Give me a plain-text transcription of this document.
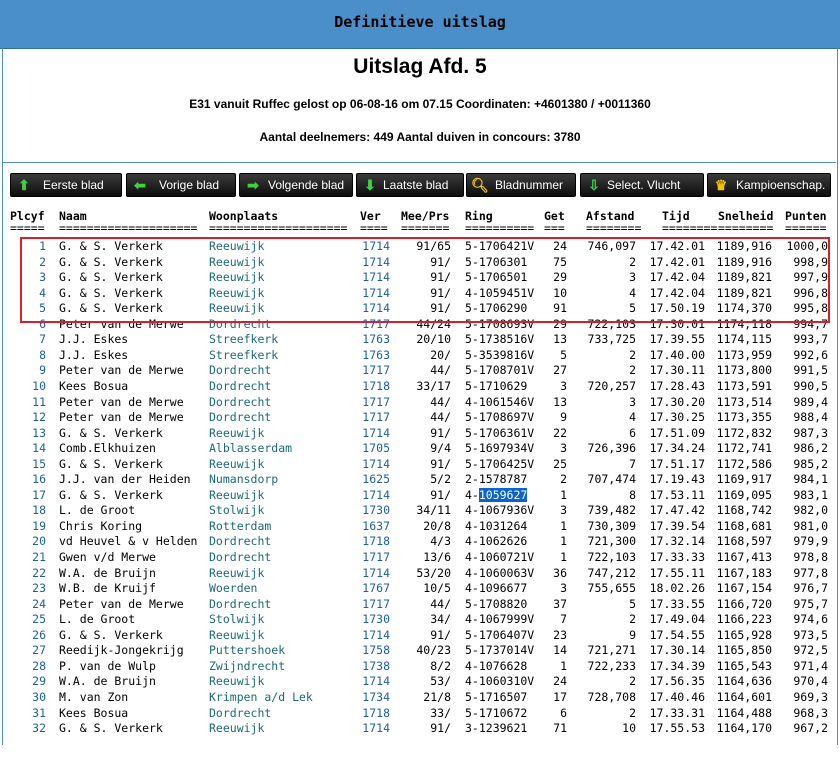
Definitieve uitslag
Uitslag Afd. 5
E31 vanuit Ruffec gelost op 06-08-16 om 07.15 Coordinaten: +4601380 / +0011360
Aantal deelnemers: 449 Aantal duiven in concours: 3780
⬆ Eerste blad ⬅ Vorige blad ➡ Volgende blad ⬇ Laatste blad 🔍︎ Bladnummer ⇩ Select. Vlucht ♛ Kampioenschap.
Plcyf Naam	Woonplaats	Ver Mee/Prs Ring	Get Afstand Tijd Snelheid Punten
===== ==================== ==================== ==== ======= ========== === ======== ======== ======== ======
1 G. & S. Verkerk	Reeuwijk	1714	91/65 5-1706421V	24	746,097	17.42.01	1189,916	1000,0
2 G. & S. Verkerk	Reeuwijk	1714	91/ 5-1706301	75	2	17.42.01	1189,916	998,9
3 G. & S. Verkerk	Reeuwijk	1714	91/ 5-1706501	29	3	17.42.04	1189,821	997,9
4 G. & S. Verkerk	Reeuwijk	1714	91/ 4-1059451V	10	4	17.42.04	1189,821	996,8
5 G. & S. Verkerk	Reeuwijk	1714	91/ 5-1706290	91	5	17.50.19	1174,370	995,8
6 Peter van de Merwe	Dordrecht	1717	44/24 5-1708693V	29	722,103	17.30.01	1174,118	994,7
7 J.J. Eskes	Streefkerk	1763	20/10 5-1738516V	13	733,725	17.39.55	1174,115	993,7
8 J.J. Eskes	Streefkerk	1763	20/ 5-3539816V	5	2	17.40.00	1173,959	992,6
9 Peter van de Merwe	Dordrecht	1717	44/ 5-1708701V	27	2	17.30.11	1173,800	991,5
10 Kees Bosua	Dordrecht	1718	33/17 5-1710629	3	720,257	17.28.43	1173,591	990,5
11 Peter van de Merwe	Dordrecht	1717	44/ 4-1061546V	13	3	17.30.20	1173,514	989,4
12 Peter van de Merwe	Dordrecht	1717	44/ 5-1708697V	9	4	17.30.25	1173,355	988,4
13 G. & S. Verkerk	Reeuwijk	1714	91/ 5-1706361V	22	6	17.51.09	1172,832	987,3
14 Comb.Elkhuizen	Alblasserdam	1705	9/4 5-1697934V	3	726,396	17.34.24	1172,741	986,2
15 G. & S. Verkerk	Reeuwijk	1714	91/ 5-1706425V	25	7	17.51.17	1172,586	985,2
16 J.J. van der Heiden	Numansdorp	1625	5/2 2-1578787	2	707,474	17.19.43	1169,917	984,1
17 G. & S. Verkerk	Reeuwijk	1714	91/ 4-1059627	1	8	17.53.11	1169,095	983,1
18 L. de Groot	Stolwijk	1730	34/11 4-1067936V	3	739,482	17.47.42	1168,742	982,0
19 Chris Koring	Rotterdam	1637	20/8 4-1031264	1	730,309	17.39.54	1168,681	981,0
20 vd Heuvel & v Helden	Dordrecht	1718	4/3 4-1062626	1	721,300	17.32.14	1168,597	979,9
21 Gwen v/d Merwe	Dordrecht	1717	13/6 4-1060721V	1	722,103	17.33.33	1167,413	978,8
22 W.A. de Bruijn	Reeuwijk	1714	53/20 4-1060063V	36	747,212	17.55.11	1167,183	977,8
23 W.B. de Kruijf	Woerden	1767	10/5 4-1096677	3	755,655	18.02.26	1167,154	976,7
24 Peter van de Merwe	Dordrecht	1717	44/ 5-1708820	37	5	17.33.55	1166,720	975,7
25 L. de Groot	Stolwijk	1730	34/ 4-1067999V	7	2	17.49.04	1166,223	974,6
26 G. & S. Verkerk	Reeuwijk	1714	91/ 5-1706407V	23	9	17.54.55	1165,928	973,5
27 Reedijk-Jongekrijg	Puttershoek	1758	40/23 5-1737014V	14	721,271	17.30.14	1165,850	972,5
28 P. van de Wulp	Zwijndrecht	1738	8/2 4-1076628	1	722,233	17.34.39	1165,543	971,4
29 W.A. de Bruijn	Reeuwijk	1714	53/ 4-1060310V	24	2	17.56.35	1164,636	970,4
30 M. van Zon	Krimpen a/d Lek	1734	21/8 5-1716507	17	728,708	17.40.46	1164,601	969,3
31 Kees Bosua	Dordrecht	1718	33/ 5-1710672	6	2	17.33.31	1164,488	968,3
32 G. & S. Verkerk	Reeuwijk	1714	91/ 3-1239621	71	10	17.55.53	1164,170	967,2
